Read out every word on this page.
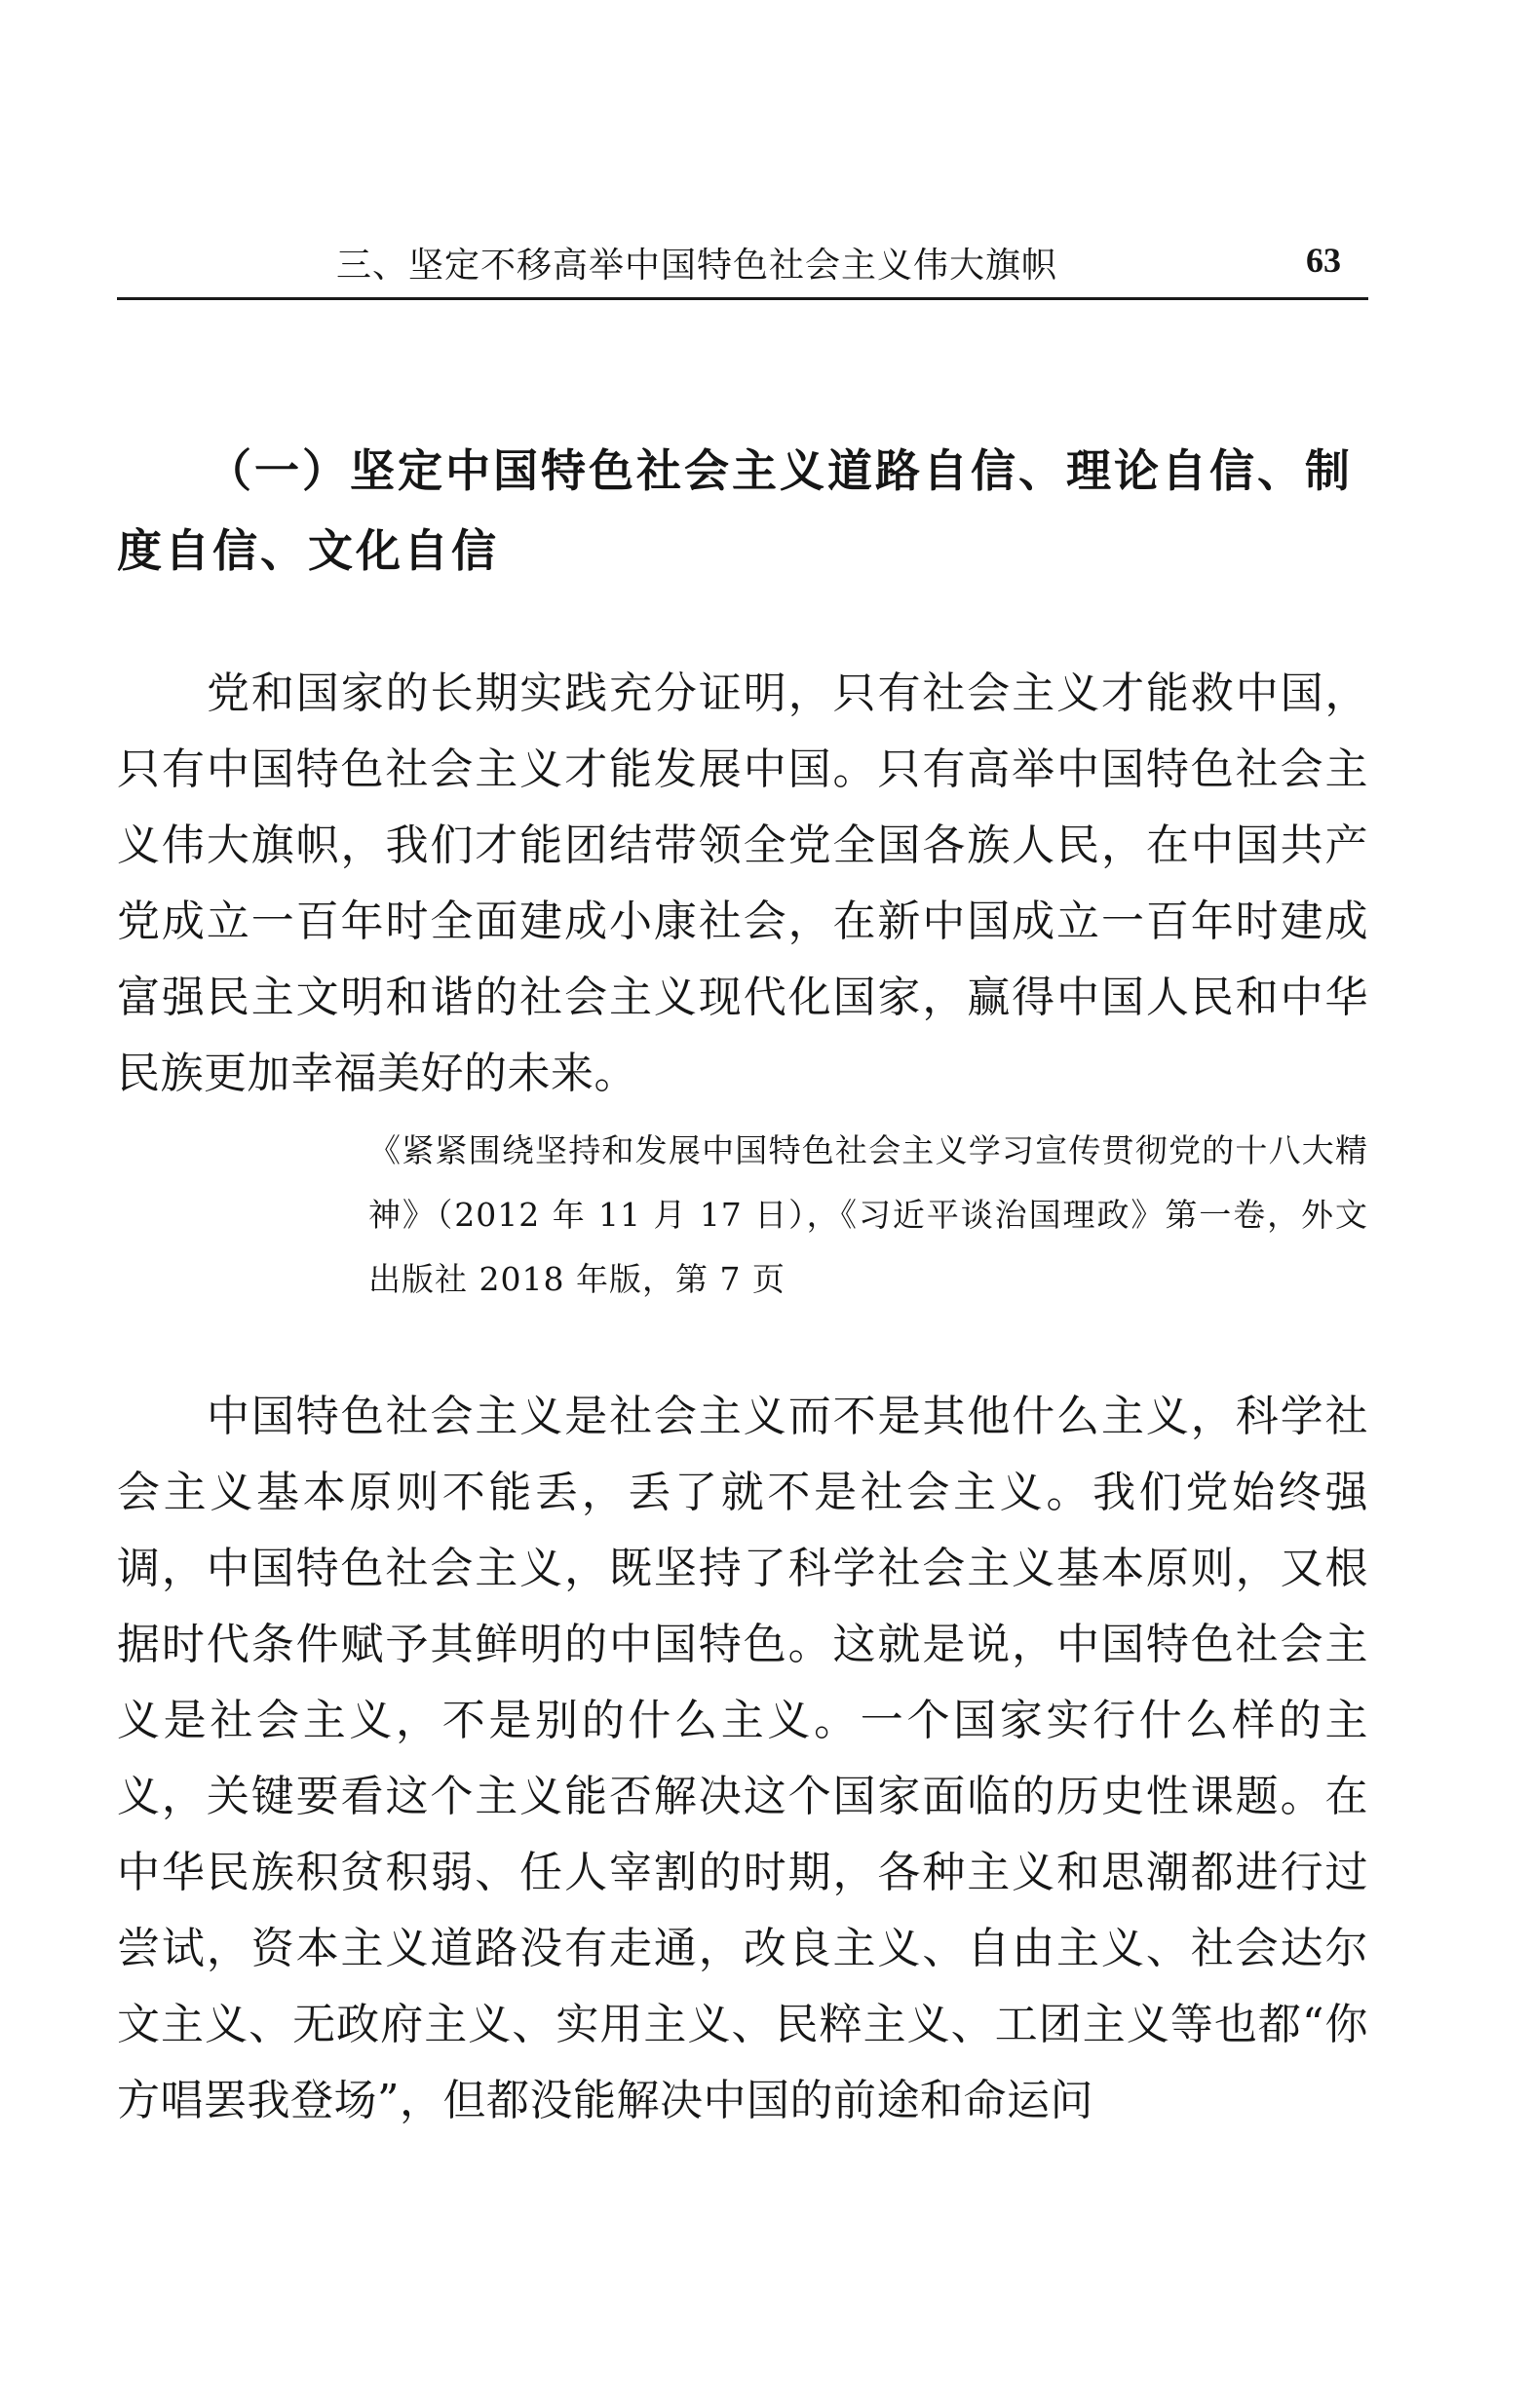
三、坚定不移高举中国特色社会主义伟大旗帜	63
（一）坚定中国特色社会主义道路自信、理论自信、制度自信、文化自信
党和国家的长期实践充分证明，只有社会主义才能救中国，只有中国特色社会主义才能发展中国。只有高举中国特色社会主义伟大旗帜，我们才能团结带领全党全国各族人民，在中国共产党成立一百年时全面建成小康社会，在新中国成立一百年时建成富强民主文明和谐的社会主义现代化国家，赢得中国人民和中华民族更加幸福美好的未来。
《紧紧围绕坚持和发展中国特色社会主义学习宣传贯彻党的十八大精神》（2012 年 11 月 17 日），《习近平谈治国理政》第一卷，外文出版社 2018 年版，第 7 页
中国特色社会主义是社会主义而不是其他什么主义，科学社会主义基本原则不能丢，丢了就不是社会主义。我们党始终强调，中国特色社会主义，既坚持了科学社会主义基本原则，又根据时代条件赋予其鲜明的中国特色。这就是说，中国特色社会主义是社会主义，不是别的什么主义。一个国家实行什么样的主义，关键要看这个主义能否解决这个国家面临的历史性课题。在中华民族积贫积弱、任人宰割的时期，各种主义和思潮都进行过尝试，资本主义道路没有走通，改良主义、自由主义、社会达尔文主义、无政府主义、实用主义、民粹主义、工团主义等也都“你方唱罢我登场”，但都没能解决中国的前途和命运问
